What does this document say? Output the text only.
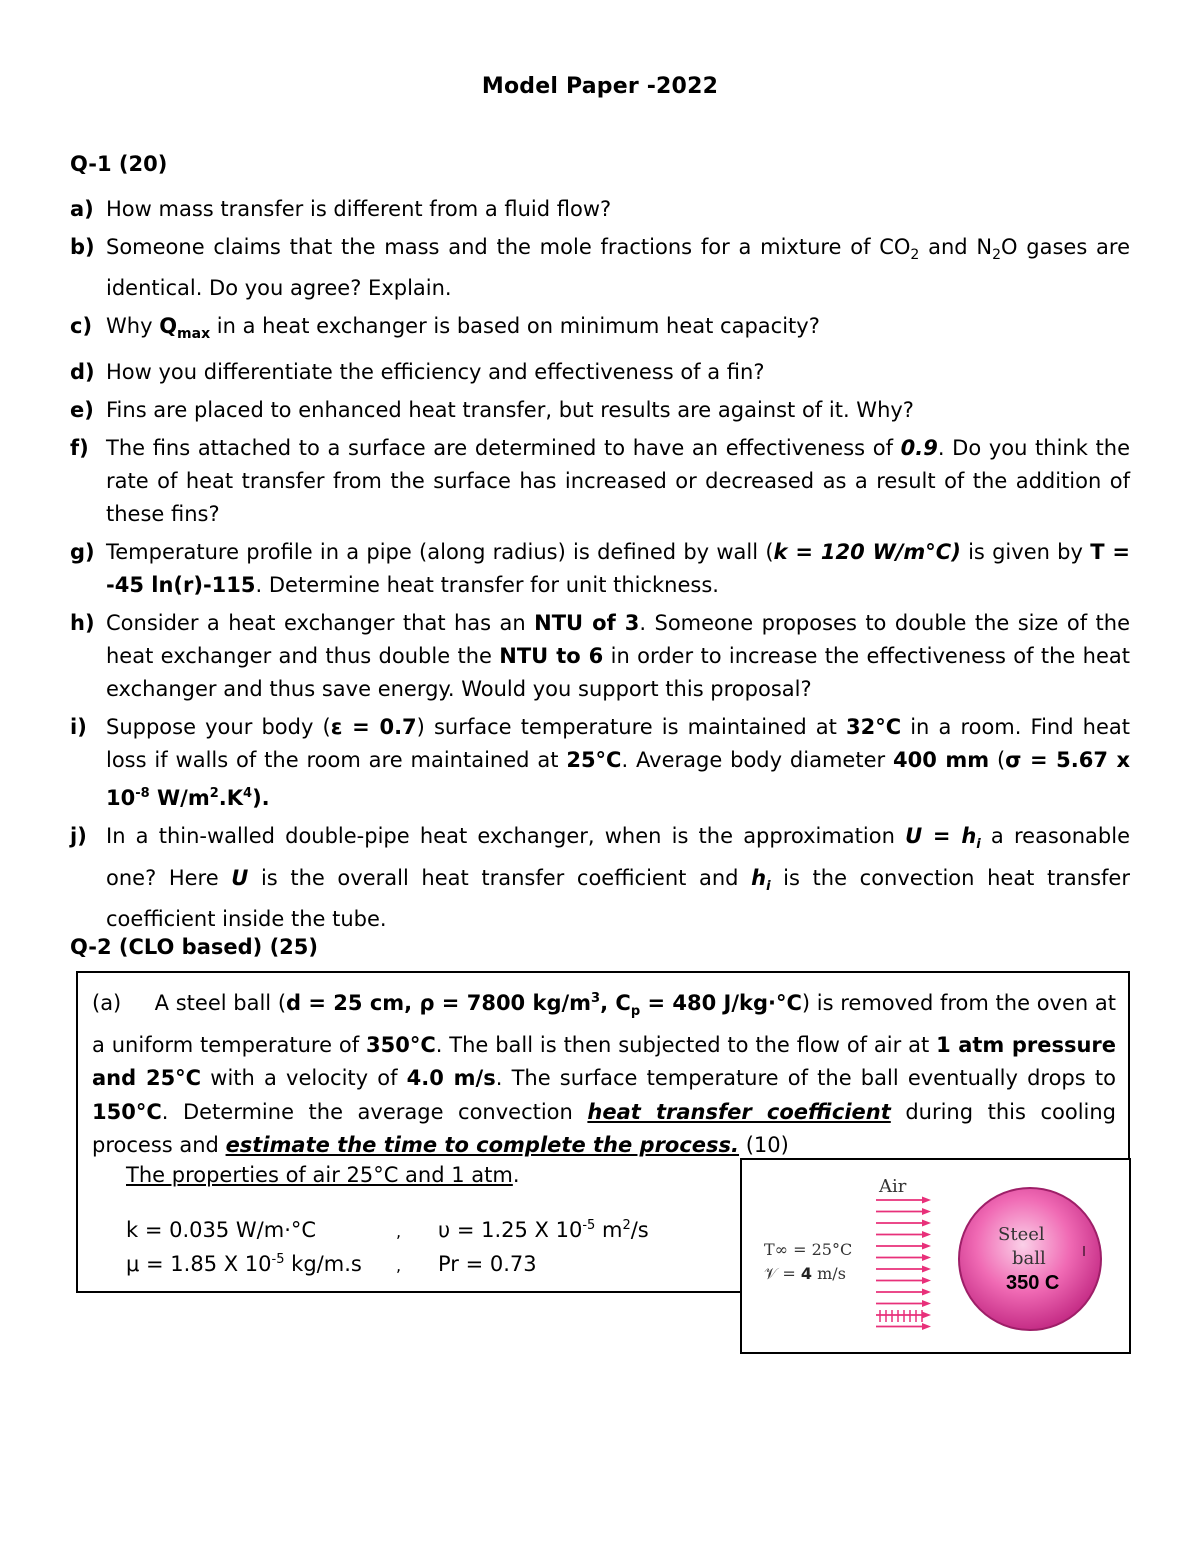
Model Paper -2022
Q-1 (20)
a) How mass transfer is different from a fluid flow?
b) Someone claims that the mass and the mole fractions for a mixture of $CO_2$ and $N_2O$ gases are identical. Do you agree? Explain.
c) Why $Q_{max}$ in a heat exchanger is based on minimum heat capacity?
d) How you differentiate the efficiency and effectiveness of a fin?
e) Fins are placed to enhanced heat transfer, but results are against of it. Why?
f) The fins attached to a surface are determined to have an effectiveness of 0.9. Do you think the rate of heat transfer from the surface has increased or decreased as a result of the addition of these fins?
g) Temperature profile in a pipe (along radius) is defined by wall (k = 120 W/m°C) is given by T = -45 ln(r)-115. Determine heat transfer for unit thickness.
h) Consider a heat exchanger that has an NTU of 3. Someone proposes to double the size of the heat exchanger and thus double the NTU to 6 in order to increase the effectiveness of the heat exchanger and thus save energy. Would you support this proposal?
i) Suppose your body (ε = 0.7) surface temperature is maintained at 32°C in a room. Find heat loss if walls of the room are maintained at 25°C. Average body diameter 400 mm (σ = 5.67 x $10^{-8}$ $W/m^2.K^4$).
j) In a thin-walled double-pipe heat exchanger, when is the approximation $U = h_i$ a reasonable one? Here U is the overall heat transfer coefficient and $h_i$ is the convection heat transfer coefficient inside the tube.
Q-2 (CLO based) (25)
(a)     A steel ball (d = 25 cm, ρ = 7800 $kg/m^3$, $C_p = 480$ J/kg·°C) is removed from the oven at a uniform temperature of 350°C. The ball is then subjected to the flow of air at 1 atm pressure and 25°C with a velocity of 4.0 m/s. The surface temperature of the ball eventually drops to 150°C. Determine the average convection heat transfer coefficient during this cooling process and estimate the time to complete the process. (10)
The properties of air 25°C and 1 atm.
k = 0.035 W/m·°C	, υ = 1.25 X $10^{-5}$ $m^2/s$
μ = 1.85 X $10^{-5}$ kg/m.s , Pr = 0.73
Air
T∞ = 25°C
𝒱 = 4 m/s
Steel
ball
350 C
